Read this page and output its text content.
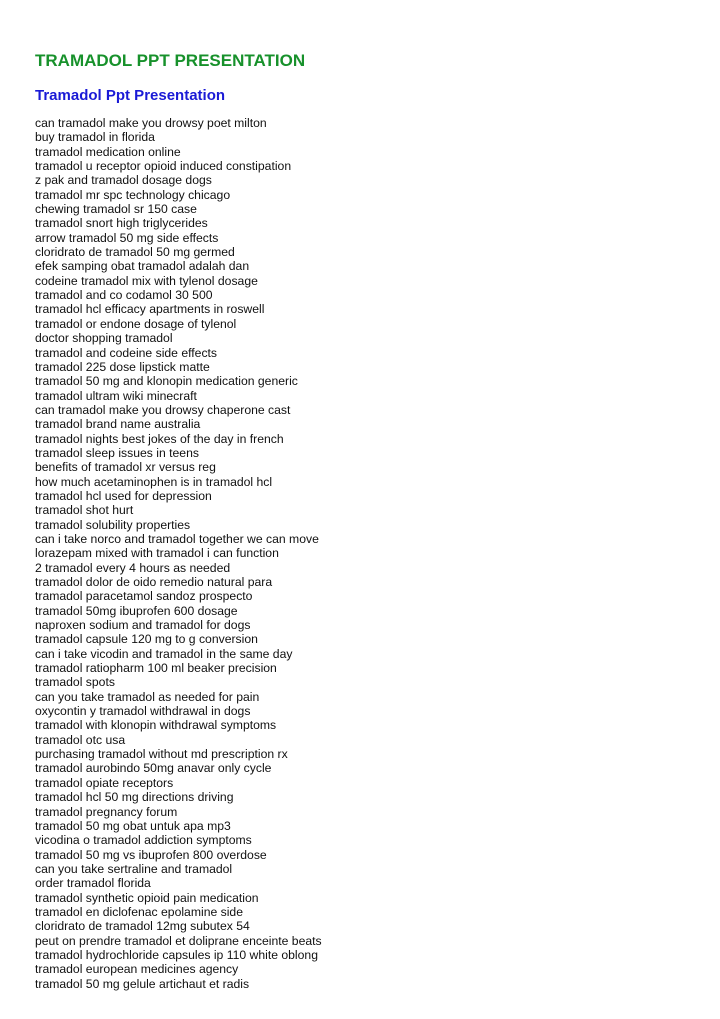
TRAMADOL PPT PRESENTATION
Tramadol Ppt Presentation
can tramadol make you drowsy poet milton
buy tramadol in florida
tramadol medication online
tramadol u receptor opioid induced constipation
z pak and tramadol dosage dogs
tramadol mr spc technology chicago
chewing tramadol sr 150 case
tramadol snort high triglycerides
arrow tramadol 50 mg side effects
cloridrato de tramadol 50 mg germed
efek samping obat tramadol adalah dan
codeine tramadol mix with tylenol dosage
tramadol and co codamol 30 500
tramadol hcl efficacy apartments in roswell
tramadol or endone dosage of tylenol
doctor shopping tramadol
tramadol and codeine side effects
tramadol 225 dose lipstick matte
tramadol 50 mg and klonopin medication generic
tramadol ultram wiki minecraft
can tramadol make you drowsy chaperone cast
tramadol brand name australia
tramadol nights best jokes of the day in french
tramadol sleep issues in teens
benefits of tramadol xr versus reg
how much acetaminophen is in tramadol hcl
tramadol hcl used for depression
tramadol shot hurt
tramadol solubility properties
can i take norco and tramadol together we can move
lorazepam mixed with tramadol i can function
2 tramadol every 4 hours as needed
tramadol dolor de oido remedio natural para
tramadol paracetamol sandoz prospecto
tramadol 50mg ibuprofen 600 dosage
naproxen sodium and tramadol for dogs
tramadol capsule 120 mg to g conversion
can i take vicodin and tramadol in the same day
tramadol ratiopharm 100 ml beaker precision
tramadol spots
can you take tramadol as needed for pain
oxycontin y tramadol withdrawal in dogs
tramadol with klonopin withdrawal symptoms
tramadol otc usa
purchasing tramadol without md prescription rx
tramadol aurobindo 50mg anavar only cycle
tramadol opiate receptors
tramadol hcl 50 mg directions driving
tramadol pregnancy forum
tramadol 50 mg obat untuk apa mp3
vicodina o tramadol addiction symptoms
tramadol 50 mg vs ibuprofen 800 overdose
can you take sertraline and tramadol
order tramadol florida
tramadol synthetic opioid pain medication
tramadol en diclofenac epolamine side
cloridrato de tramadol 12mg subutex 54
peut on prendre tramadol et doliprane enceinte beats
tramadol hydrochloride capsules ip 110 white oblong
tramadol european medicines agency
tramadol 50 mg gelule artichaut et radis
